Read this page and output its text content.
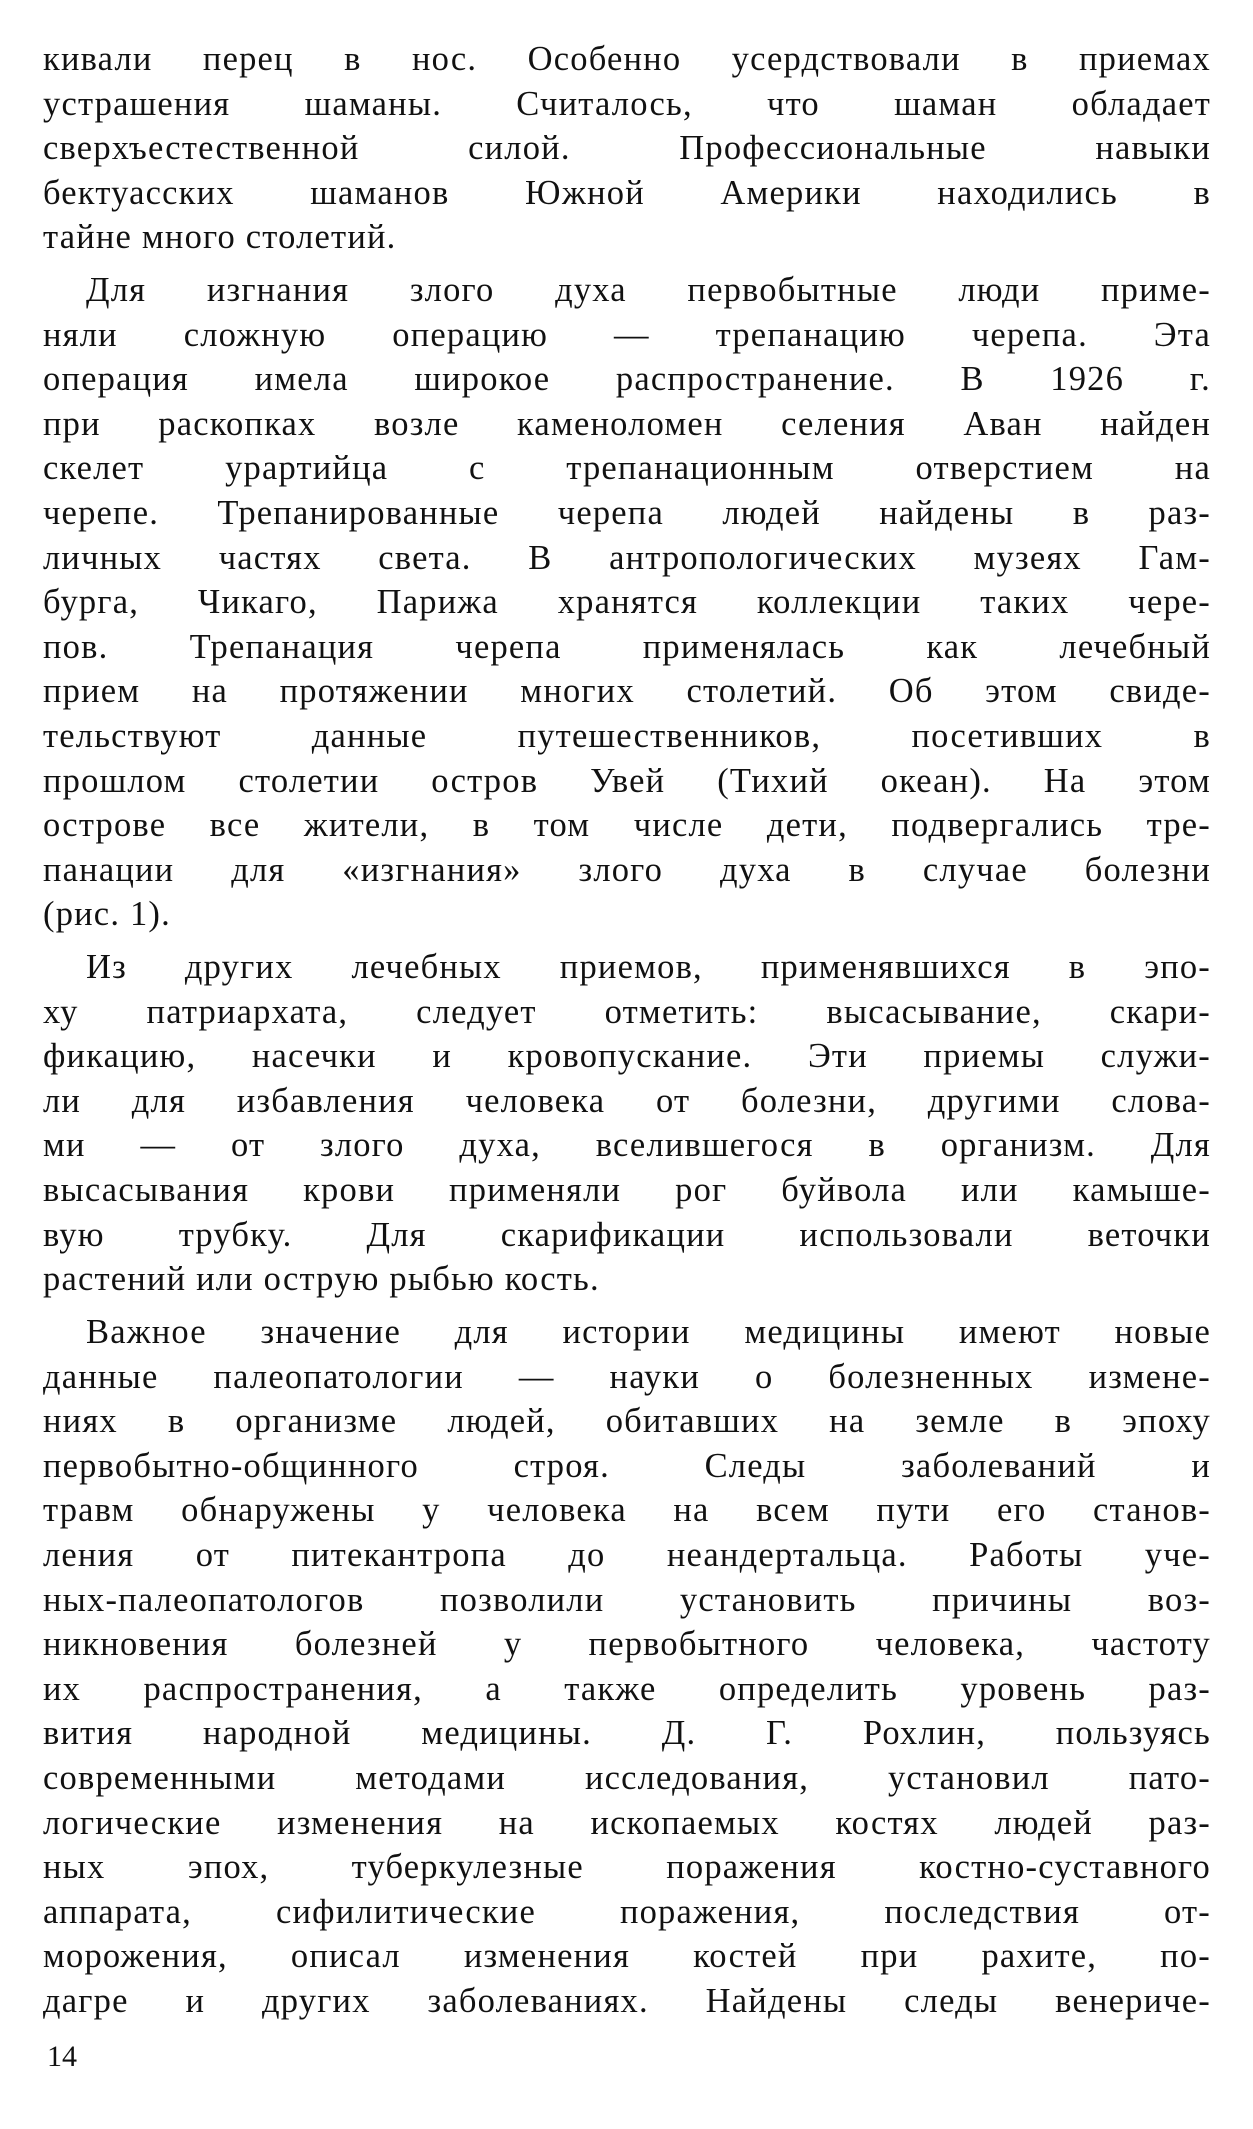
кивали перец в нос. Особенно усердствовали в приемах
устрашения шаманы. Считалось, что шаман обладает
сверхъестественной силой. Профессиональные навыки
бектуасских шаманов Южной Америки находились в
тайне много столетий.
Для изгнания злого духа первобытные люди приме-
няли сложную операцию — трепанацию черепа. Эта
операция имела широкое распространение. В 1926 г.
при раскопках возле каменоломен селения Аван найден
скелет урартийца с трепанационным отверстием на
черепе. Трепанированные черепа людей найдены в раз-
личных частях света. В антропологических музеях Гам-
бурга, Чикаго, Парижа хранятся коллекции таких чере-
пов. Трепанация черепа применялась как лечебный
прием на протяжении многих столетий. Об этом свиде-
тельствуют данные путешественников, посетивших в
прошлом столетии остров Увей (Тихий океан). На этом
острове все жители, в том числе дети, подвергались тре-
панации для «изгнания» злого духа в случае болезни
(рис. 1).
Из других лечебных приемов, применявшихся в эпо-
ху патриархата, следует отметить: высасывание, скари-
фикацию, насечки и кровопускание. Эти приемы служи-
ли для избавления человека от болезни, другими слова-
ми — от злого духа, вселившегося в организм. Для
высасывания крови применяли рог буйвола или камыше-
вую трубку. Для скарификации использовали веточки
растений или острую рыбью кость.
Важное значение для истории медицины имеют новые
данные палеопатологии — науки о болезненных измене-
ниях в организме людей, обитавших на земле в эпоху
первобытно-общинного строя. Следы заболеваний и
травм обнаружены у человека на всем пути его станов-
ления от питекантропа до неандертальца. Работы уче-
ных-палеопатологов позволили установить причины воз-
никновения болезней у первобытного человека, частоту
их распространения, а также определить уровень раз-
вития народной медицины. Д. Г. Рохлин, пользуясь
современными методами исследования, установил пато-
логические изменения на ископаемых костях людей раз-
ных эпох, туберкулезные поражения костно-суставного
аппарата, сифилитические поражения, последствия от-
морожения, описал изменения костей при рахите, по-
дагре и других заболеваниях. Найдены следы венериче-
14
